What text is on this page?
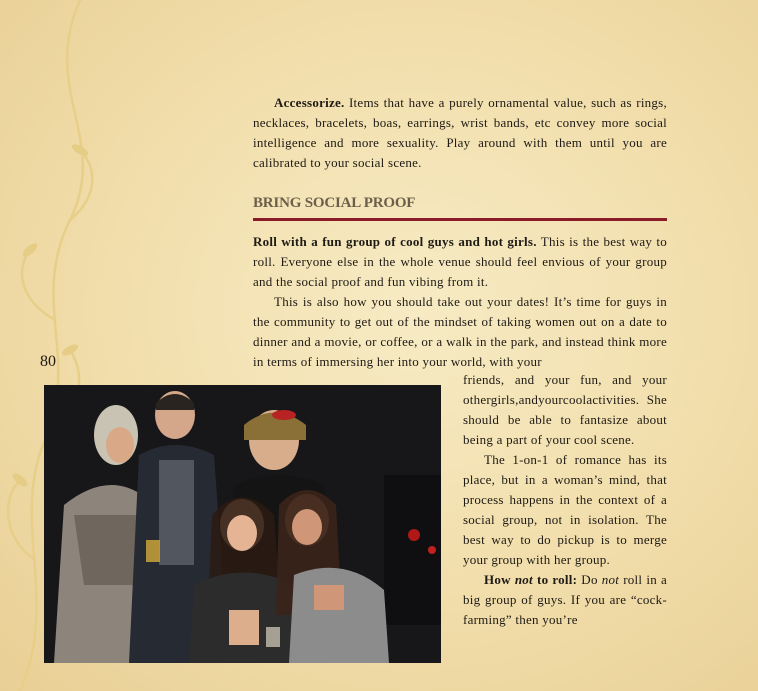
Accessorize. Items that have a purely ornamental value, such as rings, necklaces, bracelets, boas, earrings, wrist bands, etc convey more social intelligence and more sexuality. Play around with them until you are calibrated to your social scene.

BRING SOCIAL PROOF

Roll with a fun group of cool guys and hot girls. This is the best way to roll. Everyone else in the whole venue should feel envious of your group and the social proof and fun vibing from it.

This is also how you should take out your dates! It’s time for guys in the community to get out of the mindset of taking women out on a date to dinner and a movie, or coffee, or a walk in the park, and instead think more in terms of immersing her into your world, with your

80

friends, and your fun, and your othergirls,andyourcoolactivities. She should be able to fantasize about being a part of your cool scene.

The 1-on-1 of romance has its place, but in a woman’s mind, that process happens in the context of a social group, not in isolation. The best way to do pickup is to merge your group with her group.

How not to roll: Do not roll in a big group of guys. If you are “cock-farming” then you’re
